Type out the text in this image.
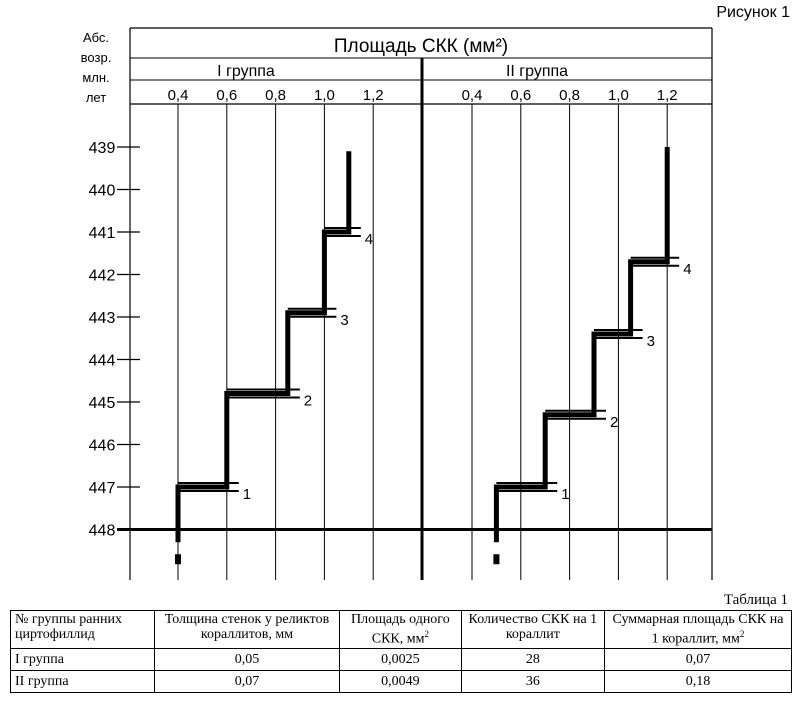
Площадь СКК (мм²)
Абс.
возр.
млн.
лет
I группа
0,4 0,6 0,8 1,0 1,2
1
2
3
4
II группа
0,4 0,6 0,8 1,0 1,2
1
2
3
4
439
440
441
442
443
444
445
446
447
448
Рисунок 1
Таблица 1
№ группы ранних циртофиллид	Толщина стенок у реликтов кораллитов, мм	Площадь одного СКК, $мм^2$	Количество СКК на 1 кораллит	Суммарная площадь СКК на 1 кораллит, $мм^2$
I группа	0,05	0,0025	28	0,07
II группа	0,07	0,0049	36	0,18
